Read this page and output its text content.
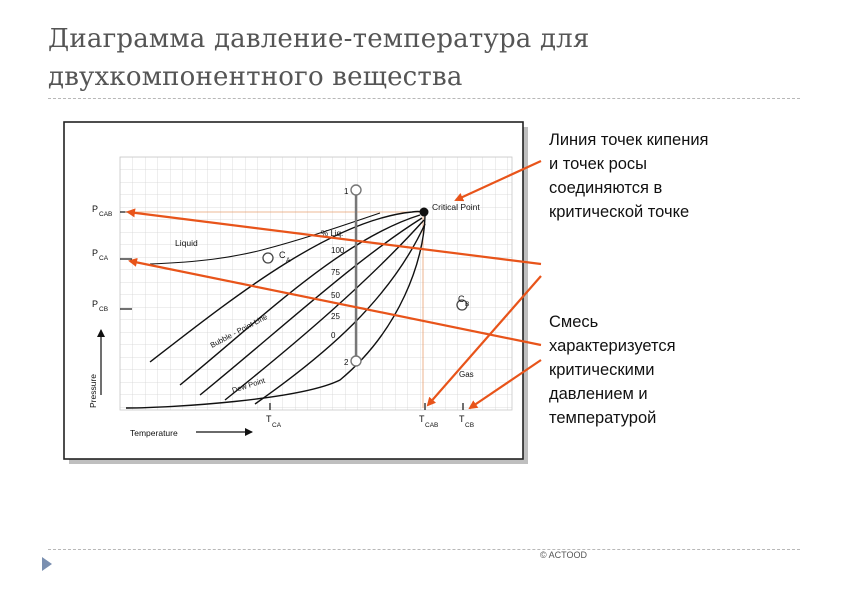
Диаграмма давление-температура для
двухкомпонентного вещества
Critical Point
Liquid
Gas
% Liq.
100
75
50
25
0
Bubble - Point Line
Dew Point
Pressure
Temperature
1
2
P
CAB
P
CA
P
CB
C
A
C
B
T
CA
T
CAB
T
CB
Линия точек кипения
и точек росы
соединяются в
критической точке
Смесь
характеризуется
критическими
давлением и
температурой
© ACTOOD
